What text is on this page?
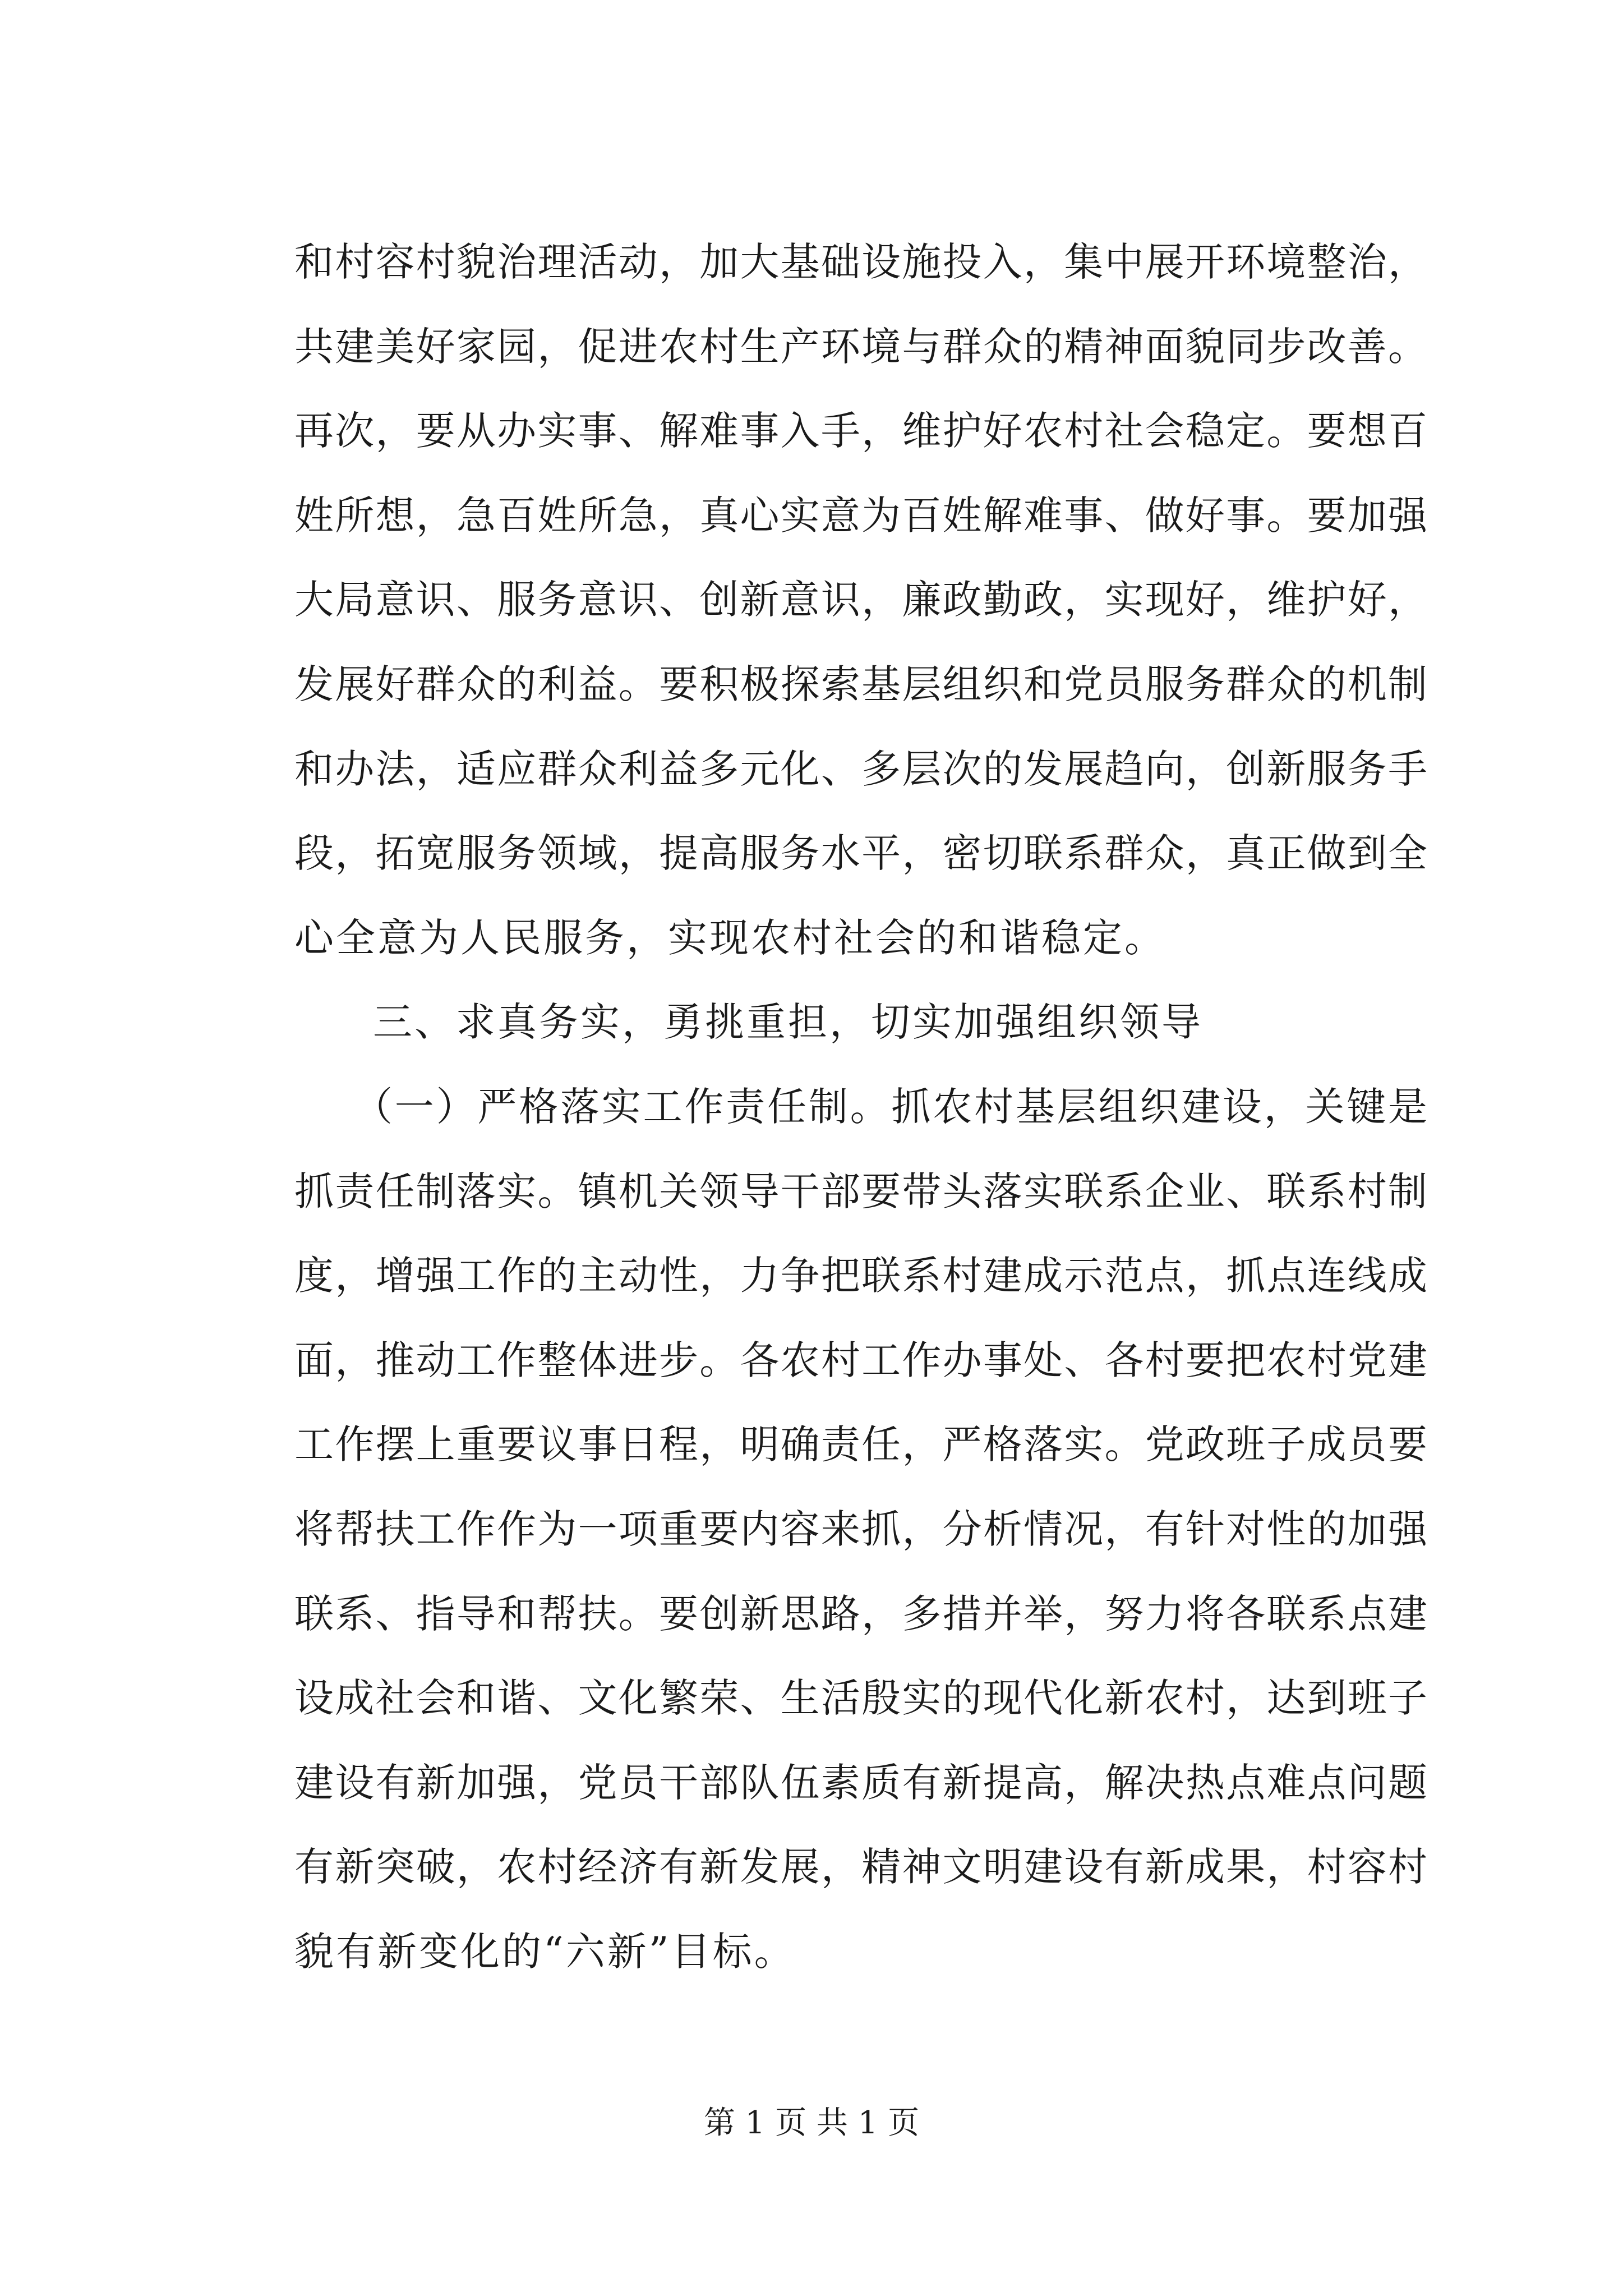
和村容村貌治理活动，加大基础设施投入，集中展开环境整治，
共建美好家园，促进农村生产环境与群众的精神面貌同步改善。
再次，要从办实事、解难事入手，维护好农村社会稳定。要想百
姓所想，急百姓所急，真心实意为百姓解难事、做好事。要加强
大局意识、服务意识、创新意识，廉政勤政，实现好，维护好，
发展好群众的利益。要积极探索基层组织和党员服务群众的机制
和办法，适应群众利益多元化、多层次的发展趋向，创新服务手
段，拓宽服务领域，提高服务水平，密切联系群众，真正做到全
心全意为人民服务，实现农村社会的和谐稳定。
三、求真务实，勇挑重担，切实加强组织领导
（一）严格落实工作责任制。抓农村基层组织建设，关键是
抓责任制落实。镇机关领导干部要带头落实联系企业、联系村制
度，增强工作的主动性，力争把联系村建成示范点，抓点连线成
面，推动工作整体进步。各农村工作办事处、各村要把农村党建
工作摆上重要议事日程，明确责任，严格落实。党政班子成员要
将帮扶工作作为一项重要内容来抓，分析情况，有针对性的加强
联系、指导和帮扶。要创新思路，多措并举，努力将各联系点建
设成社会和谐、文化繁荣、生活殷实的现代化新农村，达到班子
建设有新加强，党员干部队伍素质有新提高，解决热点难点问题
有新突破，农村经济有新发展，精神文明建设有新成果，村容村
貌有新变化的“六新”目标。
第 1 页 共 1 页
